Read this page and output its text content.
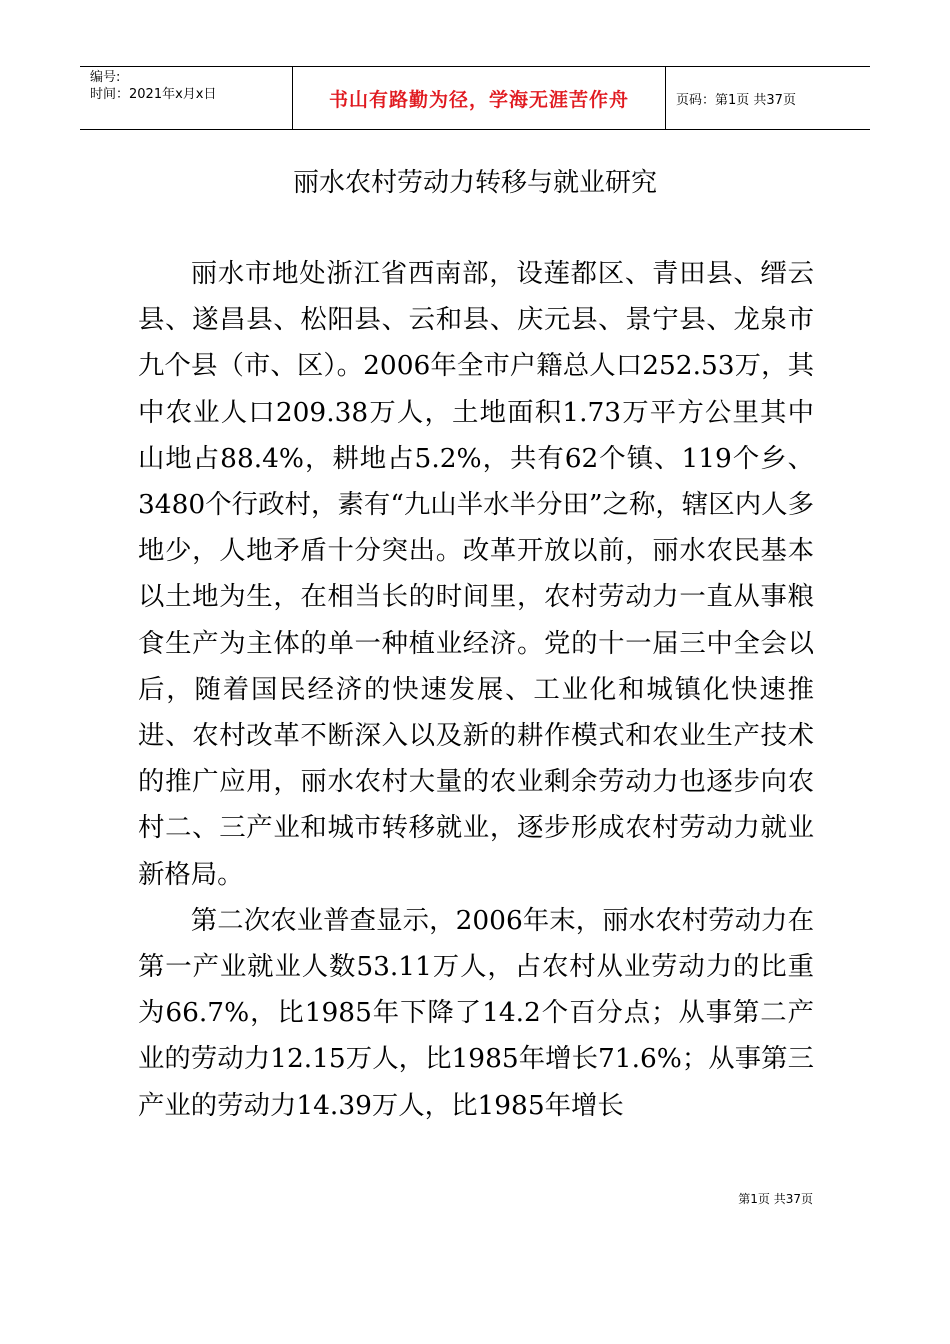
编号:
时间：2021年x月x日	书山有路勤为径，学海无涯苦作舟	页码：第1页 共37页
丽水农村劳动力转移与就业研究

丽水市地处浙江省西南部，设莲都区、青田县、缙云县、遂昌县、松阳县、云和县、庆元县、景宁县、龙泉市九个县（市、区）。2006年全市户籍总人口252.53万，其中农业人口209.38万人，土地面积1.73万平方公里其中山地占88.4%，耕地占5.2%，共有62个镇、119个乡、3480个行政村，素有“九山半水半分田”之称，辖区内人多地少，人地矛盾十分突出。改革开放以前，丽水农民基本以土地为生，在相当长的时间里，农村劳动力一直从事粮食生产为主体的单一种植业经济。党的十一届三中全会以后，随着国民经济的快速发展、工业化和城镇化快速推进、农村改革不断深入以及新的耕作模式和农业生产技术的推广应用，丽水农村大量的农业剩余劳动力也逐步向农村二、三产业和城市转移就业，逐步形成农村劳动力就业新格局。

第二次农业普查显示，2006年末，丽水农村劳动力在第一产业就业人数53.11万人，占农村从业劳动力的比重为66.7%，比1985年下降了14.2个百分点；从事第二产业的劳动力12.15万人，比1985年增长71.6%；从事第三产业的劳动力14.39万人，比1985年增长

第1页 共37页
